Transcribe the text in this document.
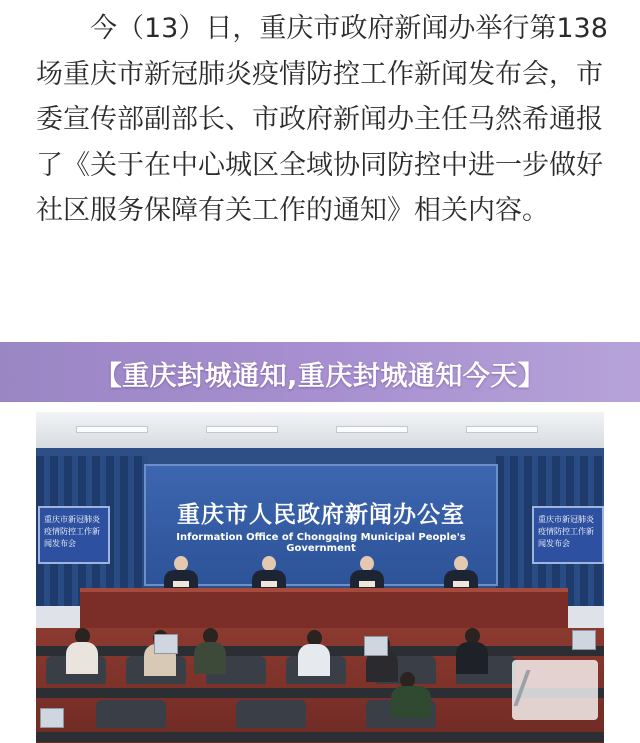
今（13）日，重庆市政府新闻办举行第138场重庆市新冠肺炎疫情防控工作新闻发布会，市委宣传部副部长、市政府新闻办主任马然希通报了《关于在中心城区全域协同防控中进一步做好社区服务保障有关工作的通知》相关内容。

【重庆封城通知,重庆封城通知今天】
重庆市人民政府新闻办公室
Information Office of Chongqing Municipal People's Government
重庆市新冠肺炎疫情防控工作新闻发布会
重庆市新冠肺炎疫情防控工作新闻发布会
